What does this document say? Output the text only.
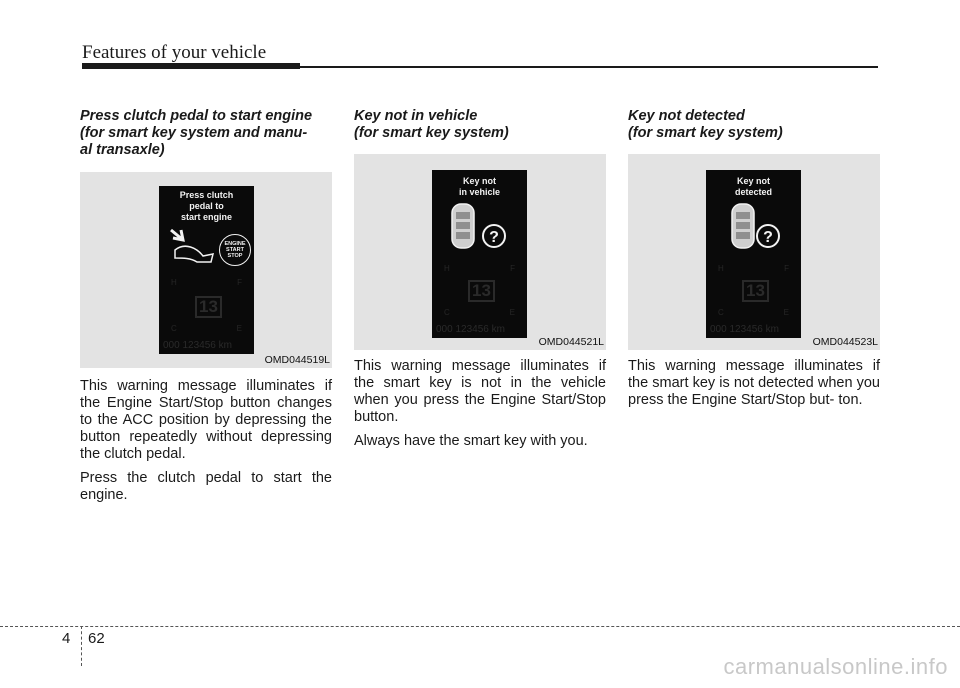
Features of your vehicle
Press clutch pedal to start engine
(for smart key system and manu-
al transaxle)
Press clutch
pedal to
start engine
ENGINE
START
STOP
H	F
C	E
13
000 123456 km
OMD044519L

This warning message illuminates if the Engine Start/Stop button changes to the ACC position by depressing the button repeatedly without depressing the clutch pedal.

Press the clutch pedal to start the engine.

Key not in vehicle
(for smart key system)
Key not
in vehicle
?
H	F
C	E
13
000 123456 km
OMD044521L

This warning message illuminates if the smart key is not in the vehicle when you press the Engine Start/Stop button.

Always have the smart key with you.

Key not detected
(for smart key system)
Key not
detected
?
H	F
C	E
13
000 123456 km
OMD044523L

This warning message illuminates if the smart key is not detected when you press the Engine Start/Stop but- ton.

4 62
carmanualsonline.info
